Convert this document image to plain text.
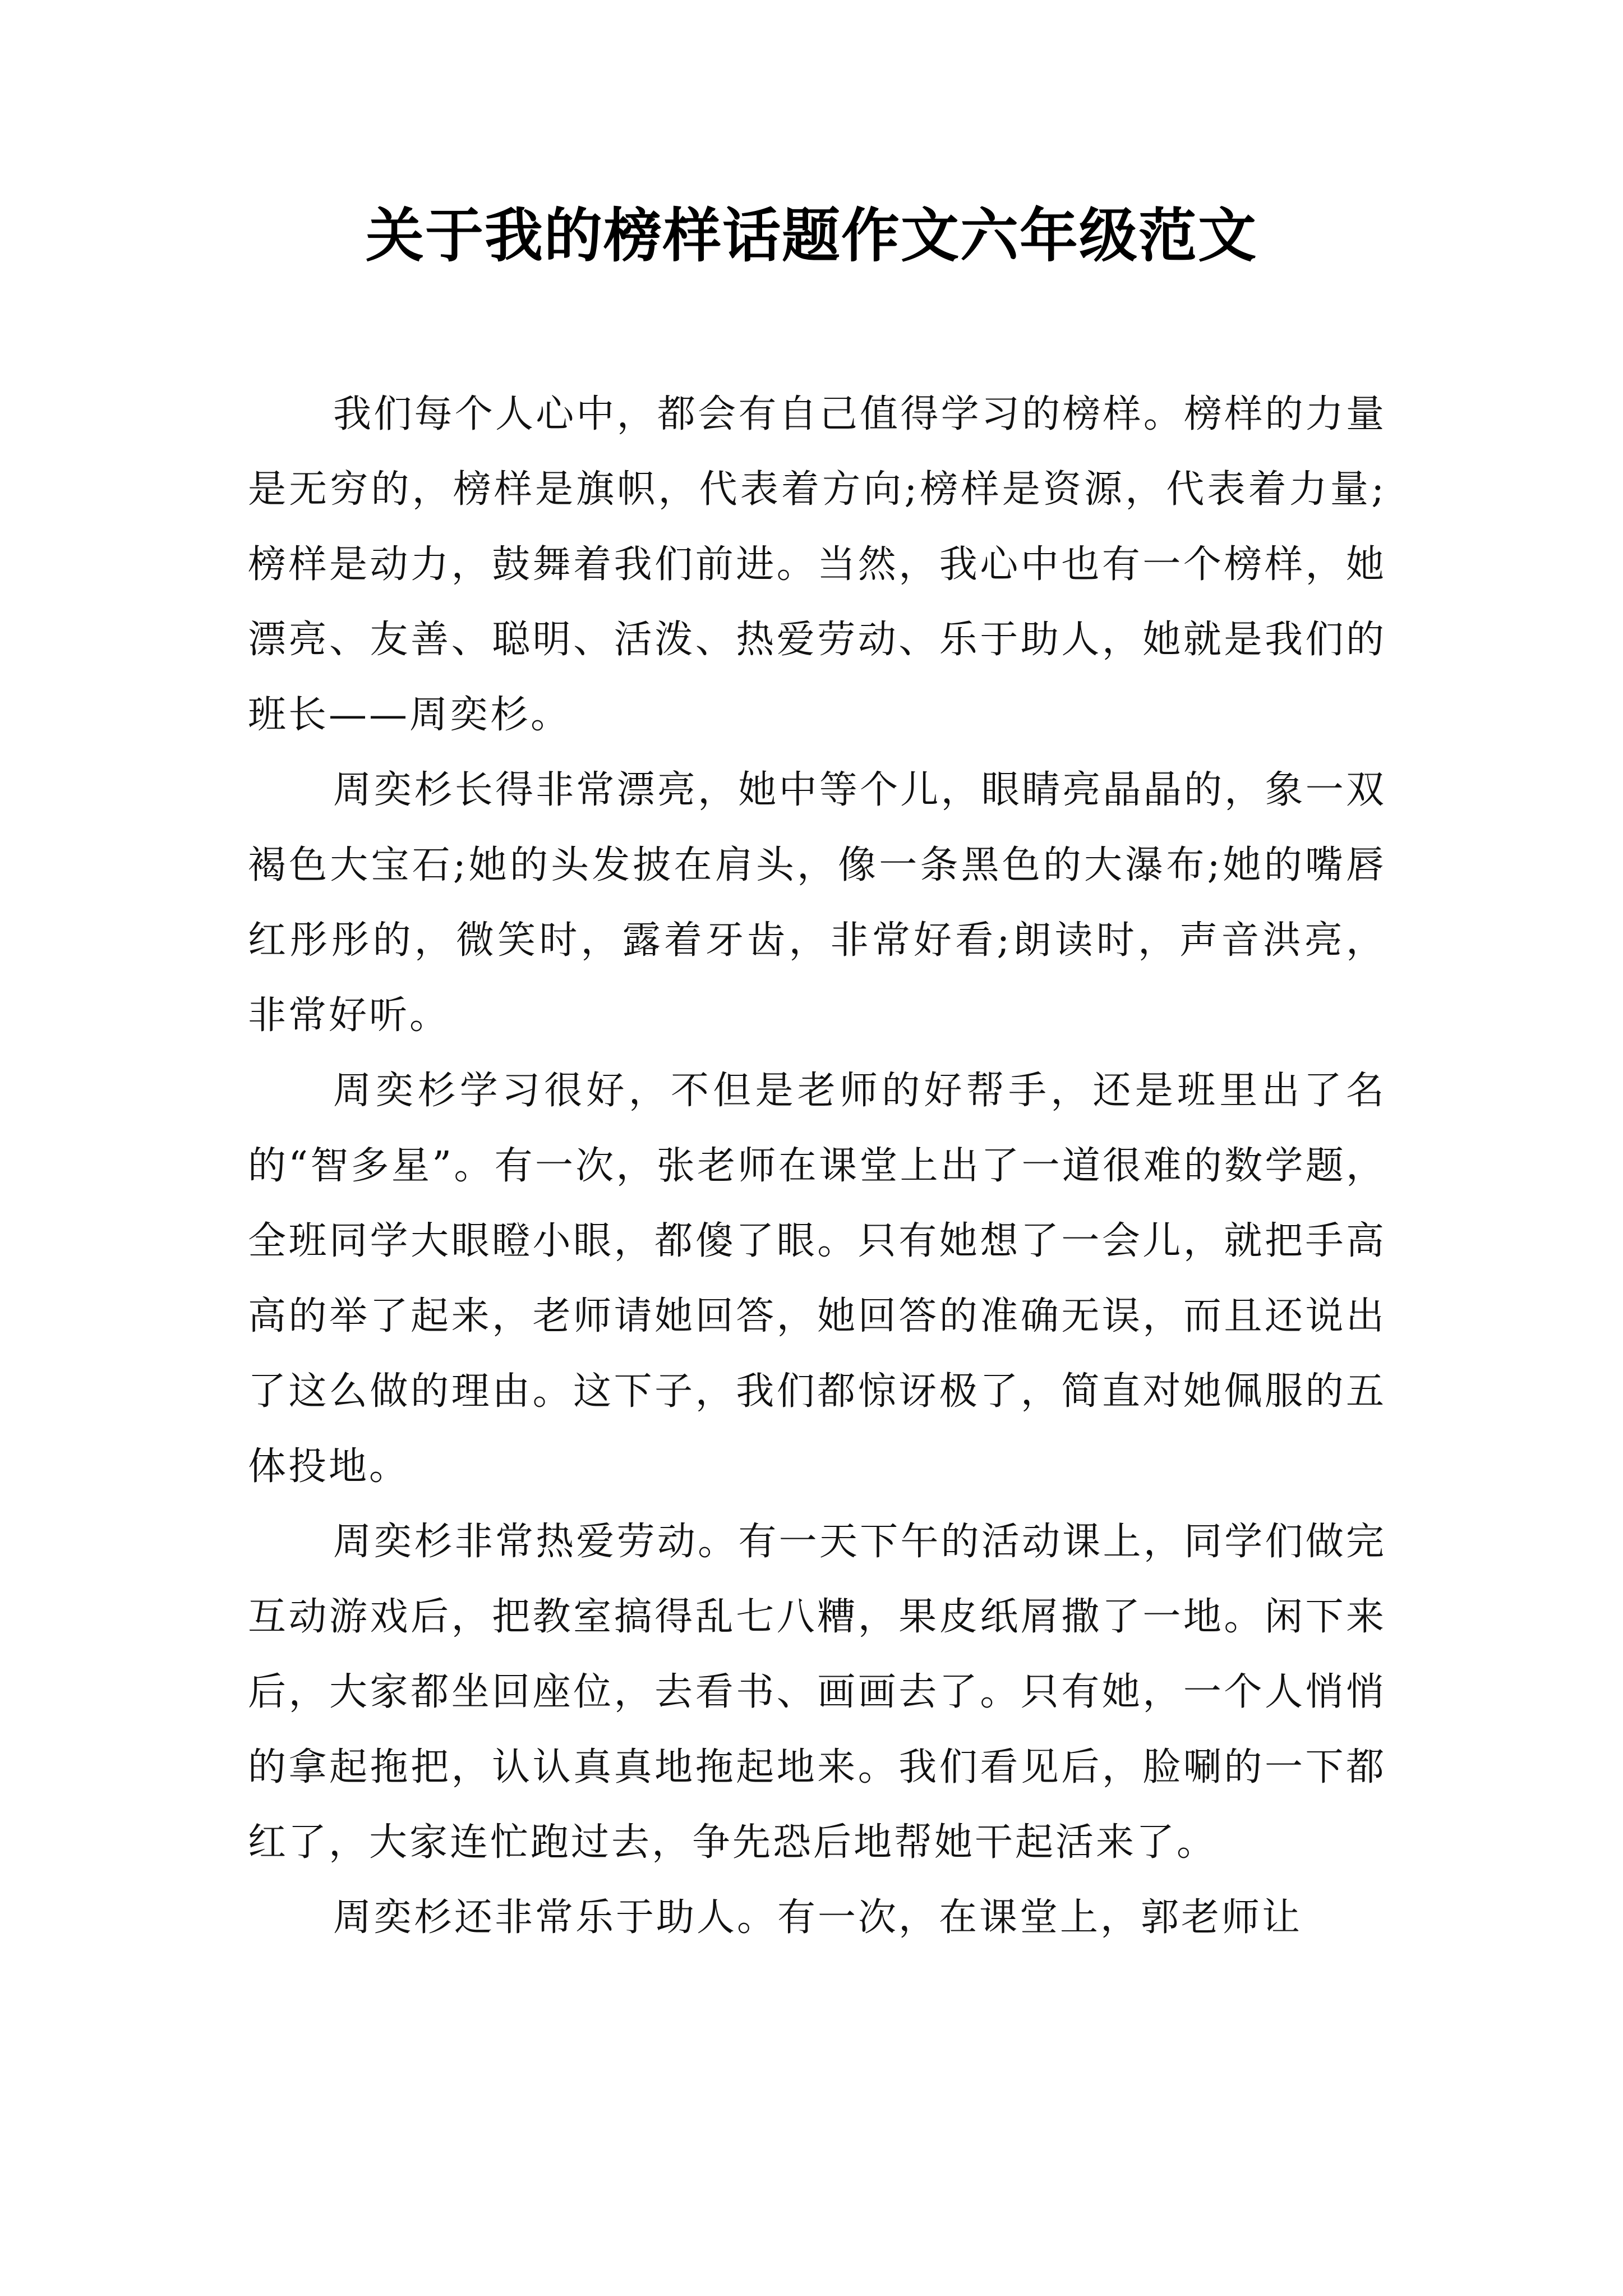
关于我的榜样话题作文六年级范文

我们每个人心中，都会有自己值得学习的榜样。榜样的力量是无穷的，榜样是旗帜，代表着方向;榜样是资源，代表着力量;榜样是动力，鼓舞着我们前进。当然，我心中也有一个榜样，她漂亮、友善、聪明、活泼、热爱劳动、乐于助人，她就是我们的班长——周奕杉。

周奕杉长得非常漂亮，她中等个儿，眼睛亮晶晶的，象一双褐色大宝石;她的头发披在肩头，像一条黑色的大瀑布;她的嘴唇红彤彤的，微笑时，露着牙齿，非常好看;朗读时，声音洪亮，非常好听。

周奕杉学习很好，不但是老师的好帮手，还是班里出了名的“智多星”。有一次，张老师在课堂上出了一道很难的数学题，全班同学大眼瞪小眼，都傻了眼。只有她想了一会儿，就把手高高的举了起来，老师请她回答，她回答的准确无误，而且还说出了这么做的理由。这下子，我们都惊讶极了，简直对她佩服的五体投地。

周奕杉非常热爱劳动。有一天下午的活动课上，同学们做完互动游戏后，把教室搞得乱七八糟，果皮纸屑撒了一地。闲下来后，大家都坐回座位，去看书、画画去了。只有她，一个人悄悄的拿起拖把，认认真真地拖起地来。我们看见后，脸唰的一下都红了，大家连忙跑过去，争先恐后地帮她干起活来了。

周奕杉还非常乐于助人。有一次，在课堂上，郭老师让
